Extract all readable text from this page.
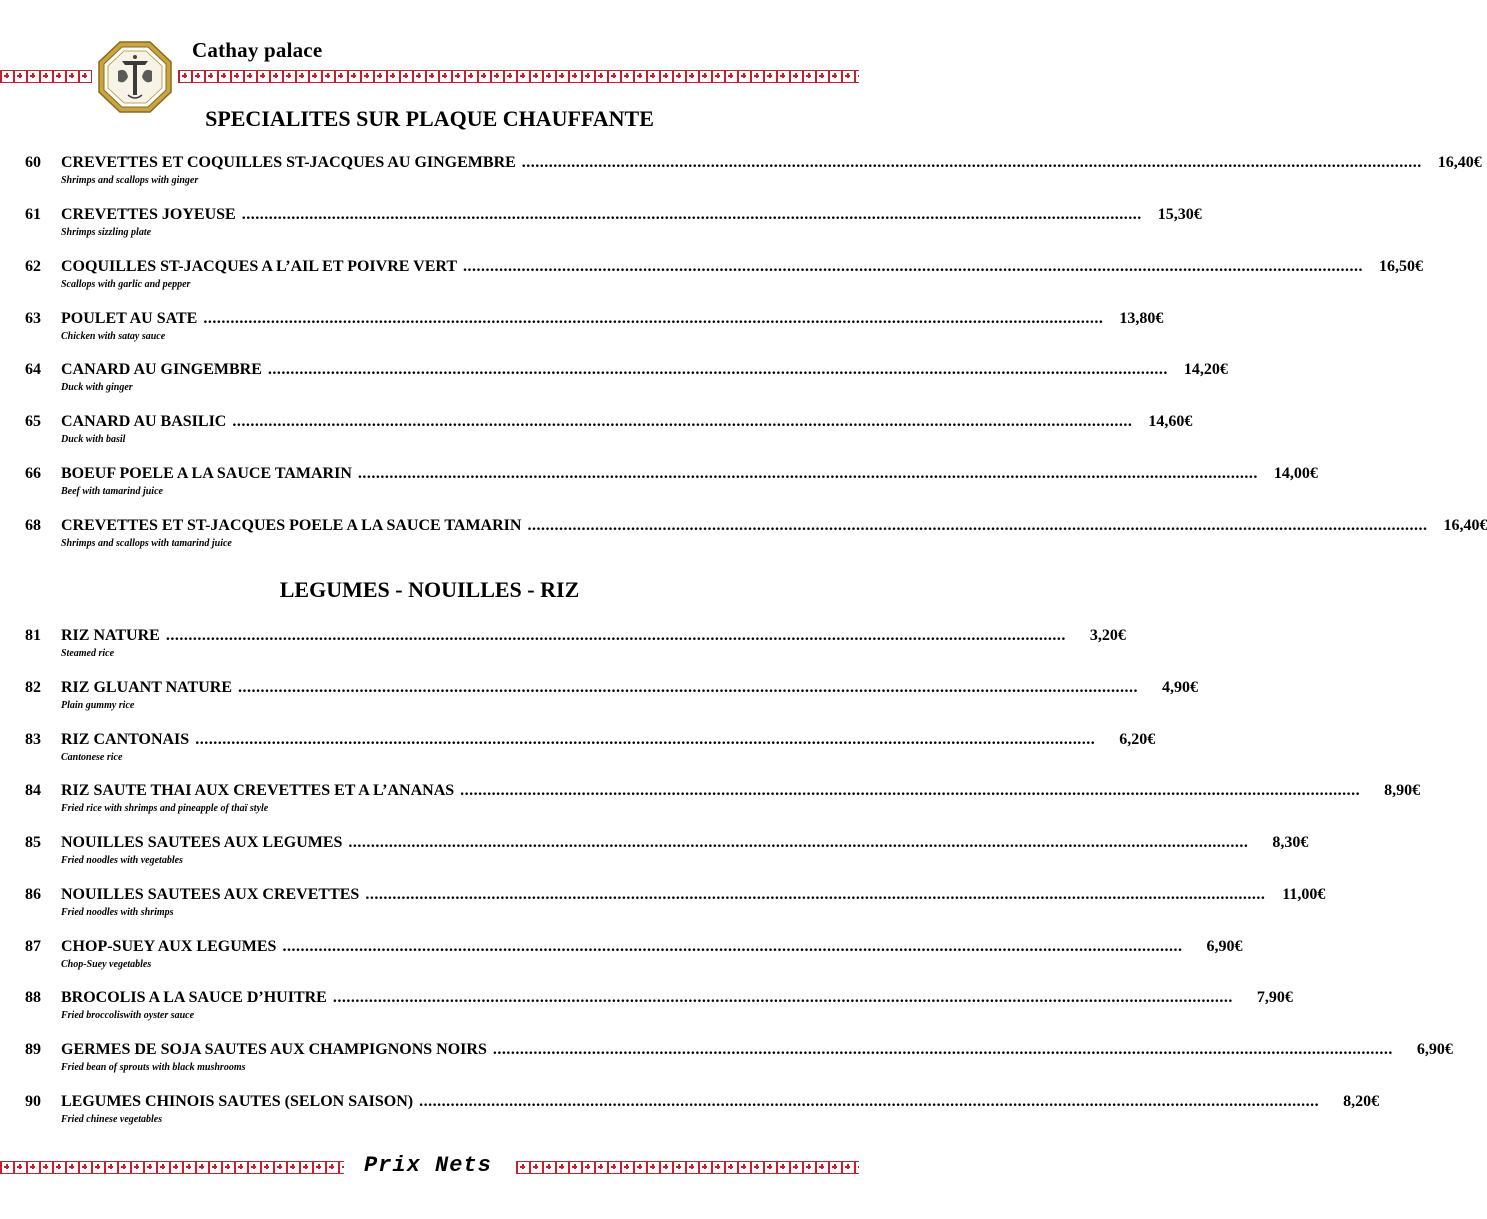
Cathay palace
SPECIALITES SUR PLAQUE CHAUFFANTE
60 CREVETTES ET COQUILLES ST-JACQUES AU GINGEMBRE ........................................................................................................................................................................................................	16,40€
Shrimps and scallops with ginger
61 CREVETTES JOYEUSE ........................................................................................................................................................................................................	15,30€
Shrimps sizzling plate
62 COQUILLES ST-JACQUES A L’AIL ET POIVRE VERT ........................................................................................................................................................................................................	16,50€
Scallops with garlic and pepper
63 POULET AU SATE ........................................................................................................................................................................................................	13,80€
Chicken with satay sauce
64 CANARD AU GINGEMBRE ........................................................................................................................................................................................................	14,20€
Duck with ginger
65 CANARD AU BASILIC ........................................................................................................................................................................................................	14,60€
Duck with basil
66 BOEUF POELE A LA SAUCE TAMARIN ........................................................................................................................................................................................................	14,00€
Beef with tamarind juice
68 CREVETTES ET ST-JACQUES POELE A LA SAUCE TAMARIN ........................................................................................................................................................................................................	16,40€
Shrimps and scallops with tamarind juice
LEGUMES - NOUILLES - RIZ
81 RIZ NATURE ........................................................................................................................................................................................................	3,20€
Steamed rice
82 RIZ GLUANT NATURE ........................................................................................................................................................................................................	4,90€
Plain gummy rice
83 RIZ CANTONAIS ........................................................................................................................................................................................................	6,20€
Cantonese rice
84 RIZ SAUTE THAI AUX CREVETTES ET A L’ANANAS ........................................................................................................................................................................................................	8,90€
Fried rice with shrimps and pineapple of thaï style
85 NOUILLES SAUTEES AUX LEGUMES ........................................................................................................................................................................................................	8,30€
Fried noodles with vegetables
86 NOUILLES SAUTEES AUX CREVETTES ........................................................................................................................................................................................................	11,00€
Fried noodles with shrimps
87 CHOP-SUEY AUX LEGUMES ........................................................................................................................................................................................................	6,90€
Chop-Suey vegetables
88 BROCOLIS A LA SAUCE D’HUITRE ........................................................................................................................................................................................................	7,90€
Fried broccoliswith oyster sauce
89 GERMES DE SOJA SAUTES AUX CHAMPIGNONS NOIRS ........................................................................................................................................................................................................	6,90€
Fried bean of sprouts with black mushrooms
90 LEGUMES CHINOIS SAUTES (SELON SAISON) ........................................................................................................................................................................................................	8,20€
Fried chinese vegetables
Prix Nets
